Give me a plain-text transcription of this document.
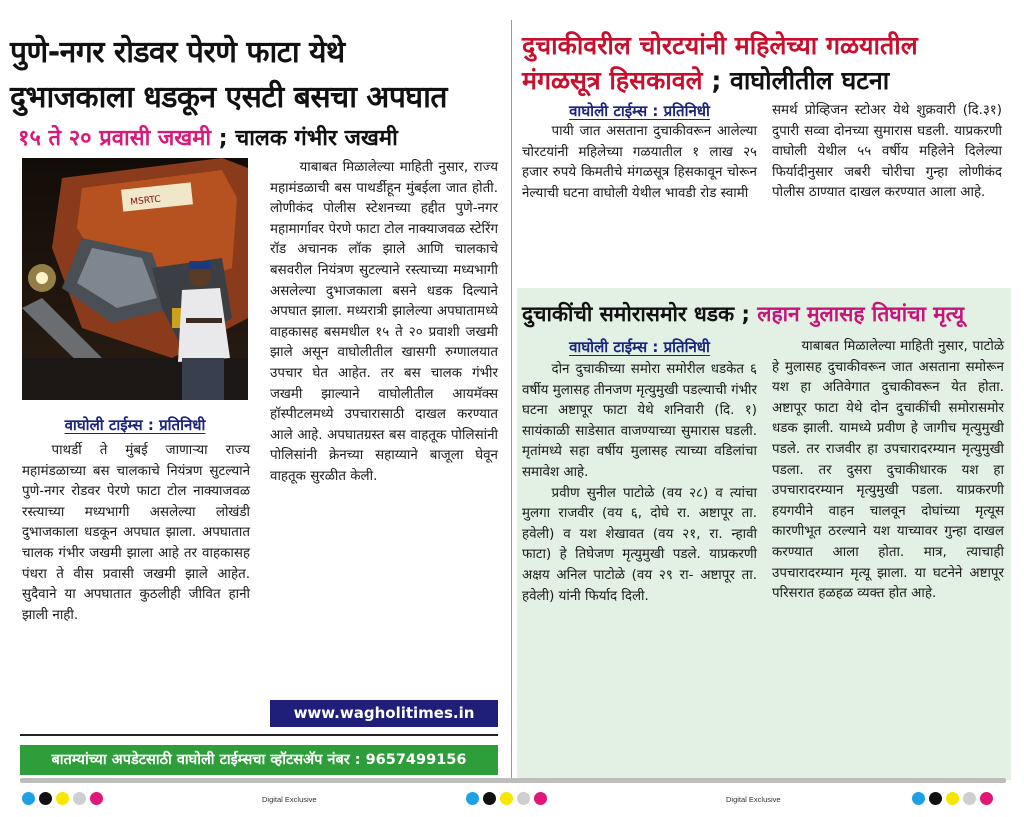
पुणे-नगर रोडवर पेरणे फाटा येथे
दुभाजकाला धडकून एसटी बसचा अपघात
१५ ते २० प्रवासी जखमी ; चालक गंभीर जखमी
MSRTC
वाघोली टाईम्स : प्रतिनिधी

पाथर्डी ते मुंबई जाणाऱ्या राज्य महामंडळाच्या बस चालकाचे नियंत्रण सुटल्याने पुणे-नगर रोडवर पेरणे फाटा टोल नाक्याजवळ रस्त्याच्या मध्यभागी असलेल्या लोखंडी दुभाजकाला धडकून अपघात झाला. अपघातात चालक गंभीर जखमी झाला आहे तर वाहकासह पंधरा ते वीस प्रवासी जखमी झाले आहेत. सुदैवाने या अपघातात कुठलीही जीवित हानी झाली नाही.

याबाबत मिळालेल्या माहिती नुसार, राज्य महामंडळाची बस पाथर्डीहून मुंबईला जात होती. लोणीकंद पोलीस स्टेशनच्या हद्दीत पुणे-नगर महामार्गावर पेरणे फाटा टोल नाक्याजवळ स्टेरिंग रॉड अचानक लॉक झाले आणि चालकाचे बसवरील नियंत्रण सुटल्याने रस्त्याच्या मध्यभागी असलेल्या दुभाजकाला बसने धडक दिल्याने अपघात झाला. मध्यरात्री झालेल्या अपघातामध्ये वाहकासह बसमधील १५ ते २० प्रवाशी जखमी झाले असून वाघोलीतील खासगी रुग्णालयात उपचार घेत आहेत. तर बस चालक गंभीर जखमी झाल्याने वाघोलीतील आयमॅक्स हॉस्पीटलमध्ये उपचारासाठी दाखल करण्यात आले आहे. अपघातग्रस्त बस वाहतूक पोलिसांनी पोलिसांनी क्रेनच्या सहाय्याने बाजूला घेवून वाहतूक सुरळीत केली.

www.wagholitimes.in
बातम्यांच्या अपडेटसाठी वाघोली टाईम्सचा व्हॉटसअ‍ॅप नंबर : 9657499156
दुचाकीवरील चोरटयांनी महिलेच्या गळयातील
मंगळसूत्र हिसकावले ; वाघोलीतील घटना
वाघोली टाईम्स : प्रतिनिधी

पायी जात असताना दुचाकीवरून आलेल्या चोरटयांनी महिलेच्या गळयातील १ लाख २५ हजार रुपये किमतीचे मंगळसूत्र हिसकावून चोरून नेल्याची घटना वाघोली येथील भावडी रोड स्वामी

समर्थ प्रोव्हिजन स्टोअर येथे शुक्रवारी (दि.३१) दुपारी सव्वा दोनच्या सुमारास घडली. याप्रकरणी वाघोली येथील ५५ वर्षीय महिलेने दिलेल्या फिर्यादीनुसार जबरी चोरीचा गुन्हा लोणीकंद पोलीस ठाण्यात दाखल करण्यात आला आहे.

दुचाकींची समोरासमोर धडक ; लहान मुलासह तिघांचा मृत्यू
वाघोली टाईम्स : प्रतिनिधी

दोन दुचाकीच्या समोरा समोरील धडकेत ६ वर्षीय मुलासह तीनजण मृत्युमुखी पडल्याची गंभीर घटना अष्टापूर फाटा येथे शनिवारी (दि. १) सायंकाळी साडेसात वाजण्याच्या सुमारास घडली. मृतांमध्ये सहा वर्षीय मुलासह त्याच्या वडिलांचा समावेश आहे.

प्रवीण सुनील पाटोळे (वय २८) व त्यांचा मुलगा राजवीर (वय ६, दोघे रा. अष्टापूर ता. हवेली) व यश शेखावत (वय २१, रा. न्हावी फाटा) हे तिघेजण मृत्युमुखी पडले. याप्रकरणी अक्षय अनिल पाटोळे (वय २९ रा- अष्टापूर ता. हवेली) यांनी फिर्याद दिली.

याबाबत मिळालेल्या माहिती नुसार, पाटोळे हे मुलासह दुचाकीवरून जात असताना समोरून यश हा अतिवेगात दुचाकीवरून येत होता. अष्टापूर फाटा येथे दोन दुचाकींची समोरासमोर धडक झाली. यामध्ये प्रवीण हे जागीच मृत्युमुखी पडले. तर राजवीर हा उपचारादरम्यान मृत्युमुखी पडला. तर दुसरा दुचाकीधारक यश हा उपचारादरम्यान मृत्युमुखी पडला. याप्रकरणी हयगयीने वाहन चालवून दोघांच्या मृत्यूस कारणीभूत ठरल्याने यश याच्यावर गुन्हा दाखल करण्यात आला होता. मात्र, त्याचाही उपचारादरम्यान मृत्यू झाला. या घटनेने अष्टापूर परिसरात हळहळ व्यक्त होत आहे.

Digital Exclusive	Digital Exclusive
